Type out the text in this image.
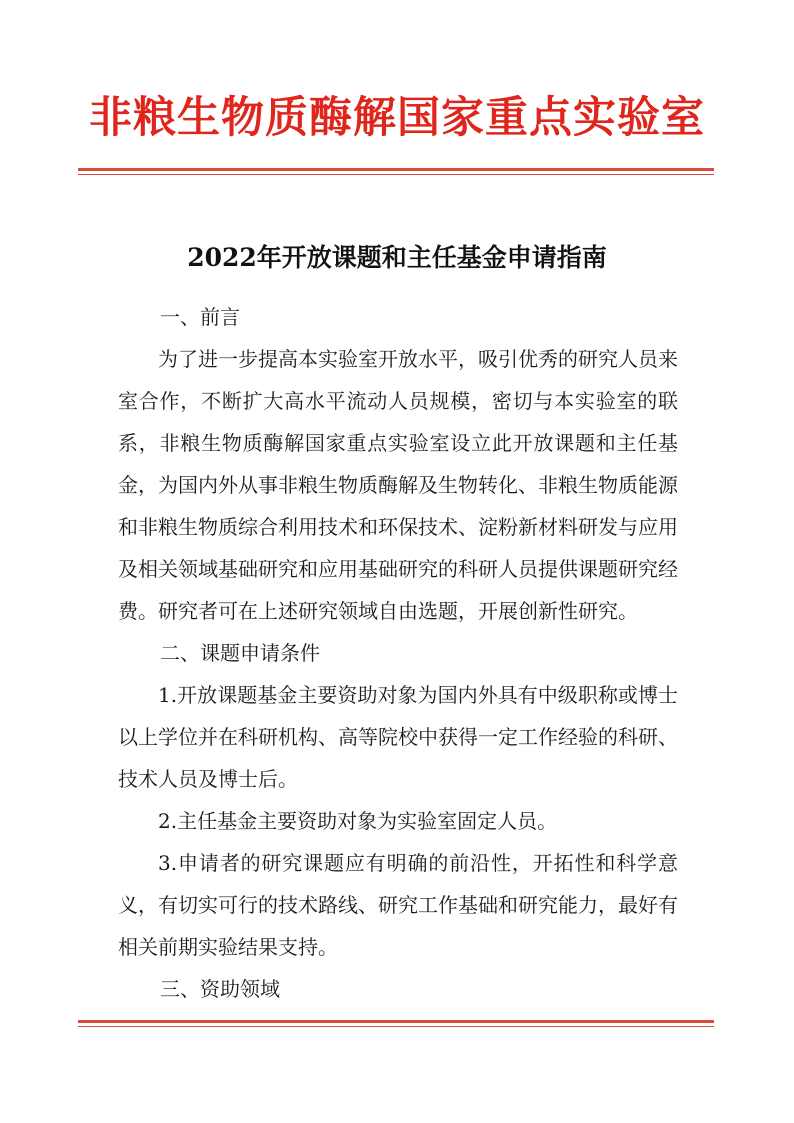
非粮生物质酶解国家重点实验室
2022年开放课题和主任基金申请指南
一、前言

为了进一步提高本实验室开放水平，吸引优秀的研究人员来室合作，不断扩大高水平流动人员规模，密切与本实验室的联系，非粮生物质酶解国家重点实验室设立此开放课题和主任基金，为国内外从事非粮生物质酶解及生物转化、非粮生物质能源和非粮生物质综合利用技术和环保技术、淀粉新材料研发与应用及相关领域基础研究和应用基础研究的科研人员提供课题研究经费。研究者可在上述研究领域自由选题，开展创新性研究。

二、课题申请条件

1.开放课题基金主要资助对象为国内外具有中级职称或博士以上学位并在科研机构、高等院校中获得一定工作经验的科研、技术人员及博士后。

2.主任基金主要资助对象为实验室固定人员。

3.申请者的研究课题应有明确的前沿性，开拓性和科学意义，有切实可行的技术路线、研究工作基础和研究能力，最好有相关前期实验结果支持。

三、资助领域
